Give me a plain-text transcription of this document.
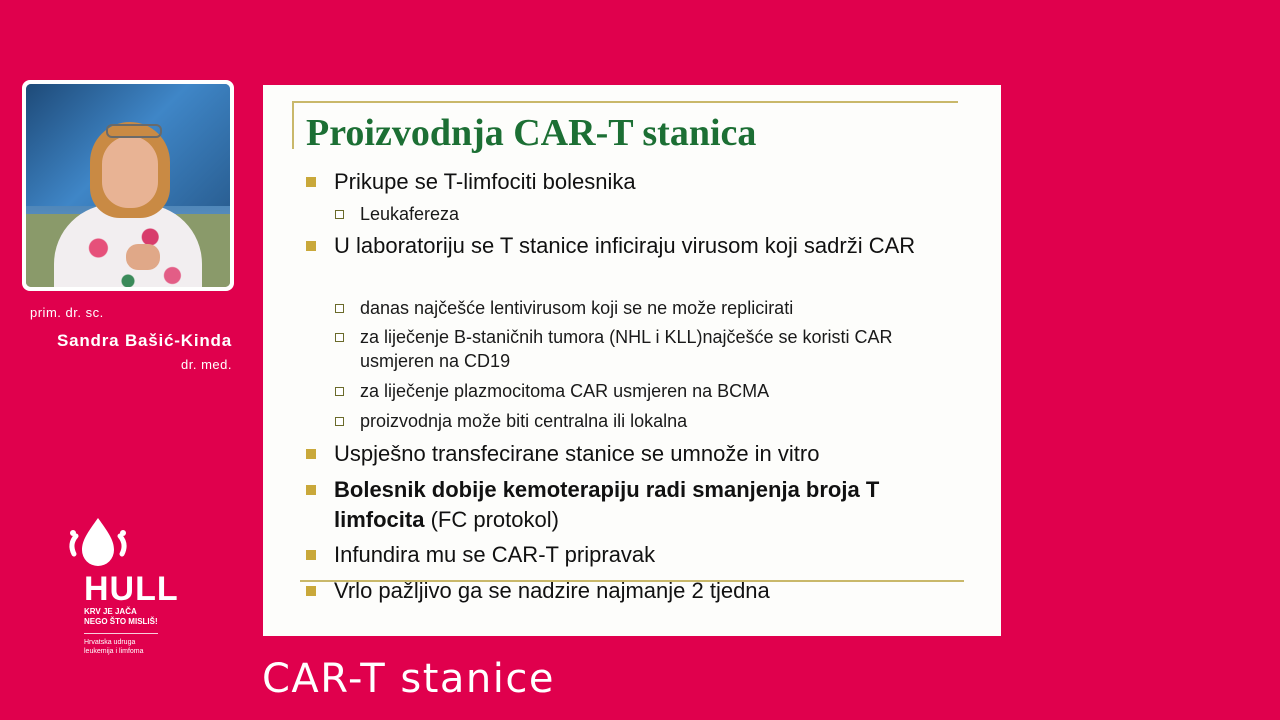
prim. dr. sc.
Sandra Bašić-Kinda
dr. med.
HULL
KRV JE JAČA
NEGO ŠTO MISLIŠ!
Hrvatska udruga
leukemija i limfoma
CAR-T stanice
Proizvodnja CAR-T stanica
Prikupe se T-limfociti bolesnika
Leukafereza
U laboratoriju se T stanice inficiraju virusom koji sadrži CAR
danas najčešće lentivirusom koji se ne može replicirati
za liječenje B-staničnih tumora (NHL i KLL)najčešće se koristi CAR usmjeren na CD19
za liječenje plazmocitoma CAR usmjeren na BCMA
proizvodnja može biti centralna ili lokalna
Uspješno transfecirane stanice se umnože in vitro
Bolesnik dobije kemoterapiju radi smanjenja broja T limfocita (FC protokol)
Infundira mu se CAR-T pripravak
Vrlo pažljivo ga se nadzire najmanje 2 tjedna
